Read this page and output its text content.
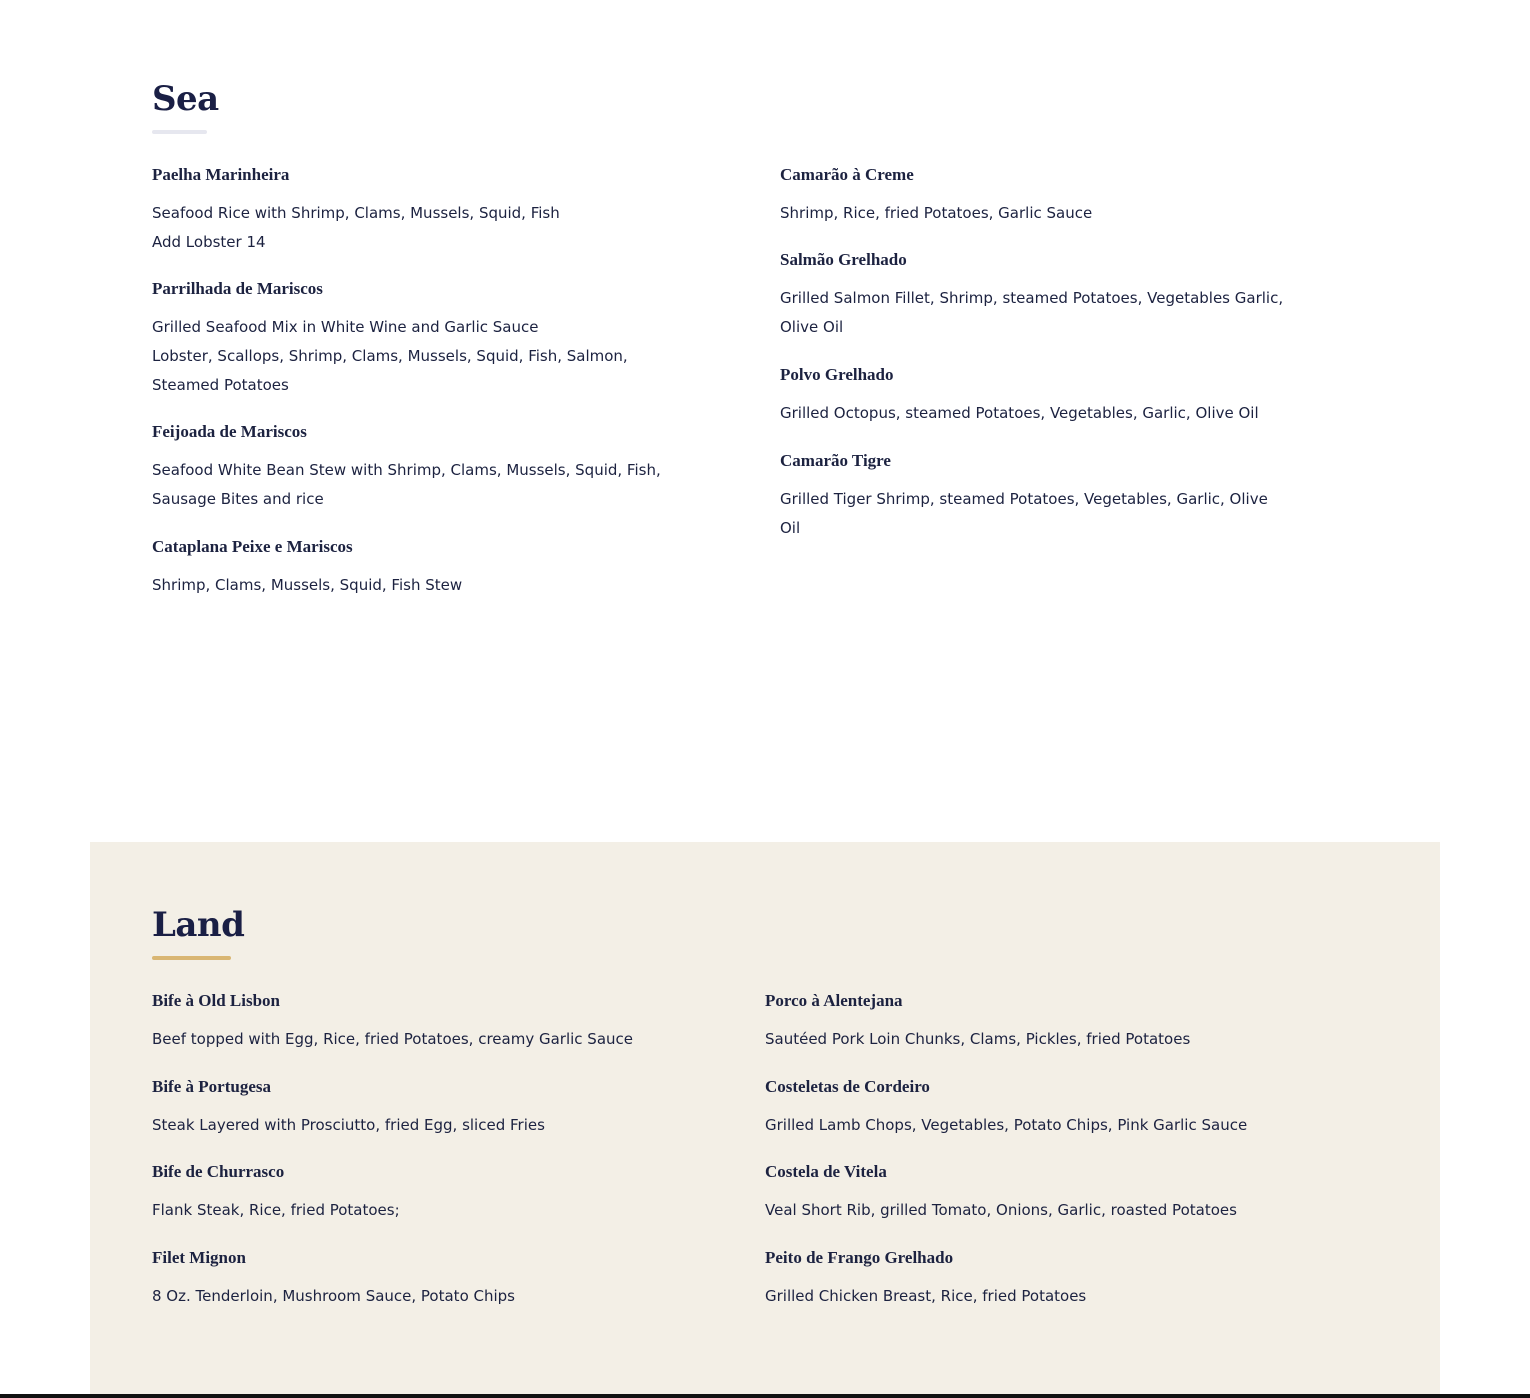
Sea
Paelha Marinheira

Seafood Rice with Shrimp, Clams, Mussels, Squid, Fish
Add Lobster 14

Parrilhada de Mariscos

Grilled Seafood Mix in White Wine and Garlic Sauce
Lobster, Scallops, Shrimp, Clams, Mussels, Squid, Fish, Salmon,
Steamed Potatoes

Feijoada de Mariscos

Seafood White Bean Stew with Shrimp, Clams, Mussels, Squid, Fish,
Sausage Bites and rice

Cataplana Peixe e Mariscos

Shrimp, Clams, Mussels, Squid, Fish Stew

Camarão à Creme

Shrimp, Rice, fried Potatoes, Garlic Sauce

Salmão Grelhado

Grilled Salmon Fillet, Shrimp, steamed Potatoes, Vegetables Garlic,
Olive Oil

Polvo Grelhado

Grilled Octopus, steamed Potatoes, Vegetables, Garlic, Olive Oil

Camarão Tigre

Grilled Tiger Shrimp, steamed Potatoes, Vegetables, Garlic, Olive
Oil

Land
Bife à Old Lisbon

Beef topped with Egg, Rice, fried Potatoes, creamy Garlic Sauce

Bife à Portugesa

Steak Layered with Prosciutto, fried Egg, sliced Fries

Bife de Churrasco

Flank Steak, Rice, fried Potatoes;

Filet Mignon

8 Oz. Tenderloin, Mushroom Sauce, Potato Chips

Porco à Alentejana

Sautéed Pork Loin Chunks, Clams, Pickles, fried Potatoes

Costeletas de Cordeiro

Grilled Lamb Chops, Vegetables, Potato Chips, Pink Garlic Sauce

Costela de Vitela

Veal Short Rib, grilled Tomato, Onions, Garlic, roasted Potatoes

Peito de Frango Grelhado

Grilled Chicken Breast, Rice, fried Potatoes
